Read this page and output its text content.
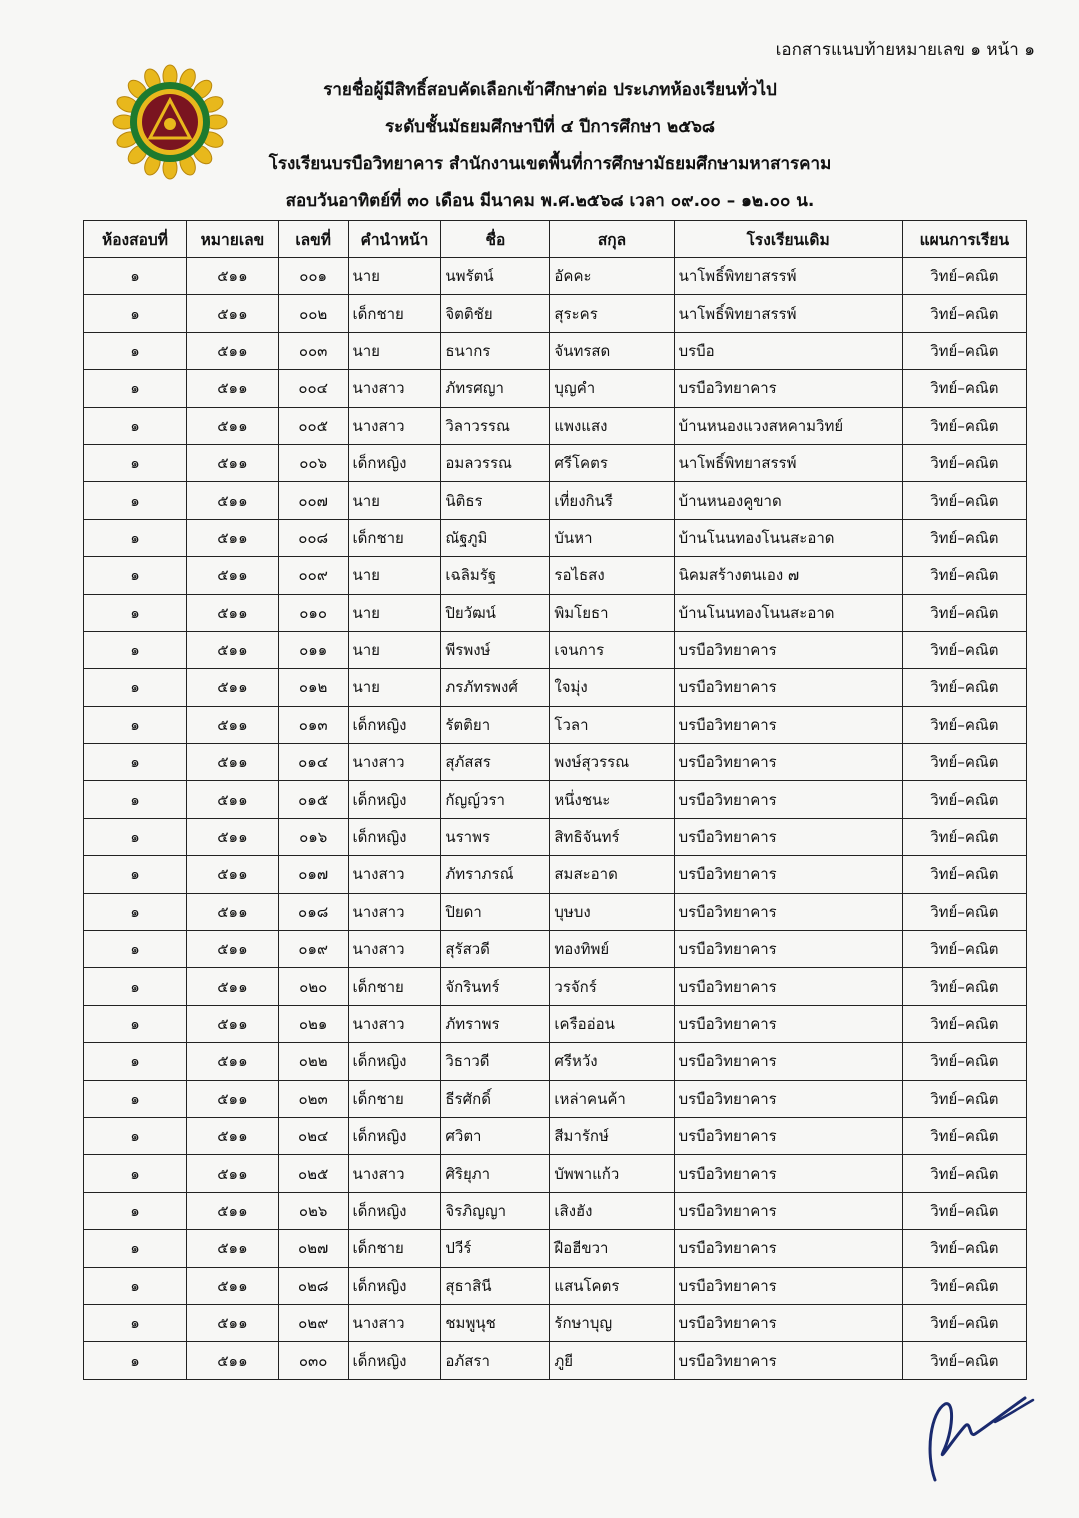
เอกสารแนบท้ายหมายเลข ๑ หน้า ๑
รายชื่อผู้มีสิทธิ์สอบคัดเลือกเข้าศึกษาต่อ ประเภทห้องเรียนทั่วไป
ระดับชั้นมัธยมศึกษาปีที่ ๔ ปีการศึกษา ๒๕๖๘
โรงเรียนบรบือวิทยาคาร สำนักงานเขตพื้นที่การศึกษามัธยมศึกษามหาสารคาม
สอบวันอาทิตย์ที่ ๓๐ เดือน มีนาคม พ.ศ.๒๕๖๘ เวลา ๐๙.๐๐ – ๑๒.๐๐ น.
ห้องสอบที่	หมายเลข	เลขที่	คำนำหน้า	ชื่อ	สกุล	โรงเรียนเดิม	แผนการเรียน
๑	๕๑๑	๐๐๑	นาย	นพรัตน์	อัคคะ	นาโพธิ์พิทยาสรรพ์	วิทย์–คณิต
๑	๕๑๑	๐๐๒	เด็กชาย	จิตติชัย	สุระคร	นาโพธิ์พิทยาสรรพ์	วิทย์–คณิต
๑	๕๑๑	๐๐๓	นาย	ธนากร	จันทรสด	บรบือ	วิทย์–คณิต
๑	๕๑๑	๐๐๔	นางสาว	ภัทรศญา	บุญคำ	บรบือวิทยาคาร	วิทย์–คณิต
๑	๕๑๑	๐๐๕	นางสาว	วิลาวรรณ	แพงแสง	บ้านหนองแวงสหคามวิทย์	วิทย์–คณิต
๑	๕๑๑	๐๐๖	เด็กหญิง	อมลวรรณ	ศรีโคตร	นาโพธิ์พิทยาสรรพ์	วิทย์–คณิต
๑	๕๑๑	๐๐๗	นาย	นิติธร	เที่ยงกินรี	บ้านหนองคูขาด	วิทย์–คณิต
๑	๕๑๑	๐๐๘	เด็กชาย	ณัฐภูมิ	บันหา	บ้านโนนทองโนนสะอาด	วิทย์–คณิต
๑	๕๑๑	๐๐๙	นาย	เฉลิมรัฐ	รอไธสง	นิคมสร้างตนเอง ๗	วิทย์–คณิต
๑	๕๑๑	๐๑๐	นาย	ปิยวัฒน์	พิมโยธา	บ้านโนนทองโนนสะอาด	วิทย์–คณิต
๑	๕๑๑	๐๑๑	นาย	พีรพงษ์	เจนการ	บรบือวิทยาคาร	วิทย์–คณิต
๑	๕๑๑	๐๑๒	นาย	ภรภัทรพงศ์	ใจมุ่ง	บรบือวิทยาคาร	วิทย์–คณิต
๑	๕๑๑	๐๑๓	เด็กหญิง	รัตติยา	โวลา	บรบือวิทยาคาร	วิทย์–คณิต
๑	๕๑๑	๐๑๔	นางสาว	สุภัสสร	พงษ์สุวรรณ	บรบือวิทยาคาร	วิทย์–คณิต
๑	๕๑๑	๐๑๕	เด็กหญิง	กัญญ์วรา	หนึ่งชนะ	บรบือวิทยาคาร	วิทย์–คณิต
๑	๕๑๑	๐๑๖	เด็กหญิง	นราพร	สิทธิจันทร์	บรบือวิทยาคาร	วิทย์–คณิต
๑	๕๑๑	๐๑๗	นางสาว	ภัทราภรณ์	สมสะอาด	บรบือวิทยาคาร	วิทย์–คณิต
๑	๕๑๑	๐๑๘	นางสาว	ปิยดา	บุษบง	บรบือวิทยาคาร	วิทย์–คณิต
๑	๕๑๑	๐๑๙	นางสาว	สุรัสวดี	ทองทิพย์	บรบือวิทยาคาร	วิทย์–คณิต
๑	๕๑๑	๐๒๐	เด็กชาย	จักรินทร์	วรจักร์	บรบือวิทยาคาร	วิทย์–คณิต
๑	๕๑๑	๐๒๑	นางสาว	ภัทราพร	เครืออ่อน	บรบือวิทยาคาร	วิทย์–คณิต
๑	๕๑๑	๐๒๒	เด็กหญิง	วิธาวดี	ศรีหวัง	บรบือวิทยาคาร	วิทย์–คณิต
๑	๕๑๑	๐๒๓	เด็กชาย	ธีรศักดิ์	เหล่าคนค้า	บรบือวิทยาคาร	วิทย์–คณิต
๑	๕๑๑	๐๒๔	เด็กหญิง	ศวิตา	สีมารักษ์	บรบือวิทยาคาร	วิทย์–คณิต
๑	๕๑๑	๐๒๕	นางสาว	ศิริยุภา	บัพพาแก้ว	บรบือวิทยาคาร	วิทย์–คณิต
๑	๕๑๑	๐๒๖	เด็กหญิง	จิรภิญญา	เสิงฮัง	บรบือวิทยาคาร	วิทย์–คณิต
๑	๕๑๑	๐๒๗	เด็กชาย	ปวีร์	ฝือฮีขวา	บรบือวิทยาคาร	วิทย์–คณิต
๑	๕๑๑	๐๒๘	เด็กหญิง	สุธาสินี	แสนโคตร	บรบือวิทยาคาร	วิทย์–คณิต
๑	๕๑๑	๐๒๙	นางสาว	ชมพูนุช	รักษาบุญ	บรบือวิทยาคาร	วิทย์–คณิต
๑	๕๑๑	๐๓๐	เด็กหญิง	อภัสรา	ภูยี	บรบือวิทยาคาร	วิทย์–คณิต
